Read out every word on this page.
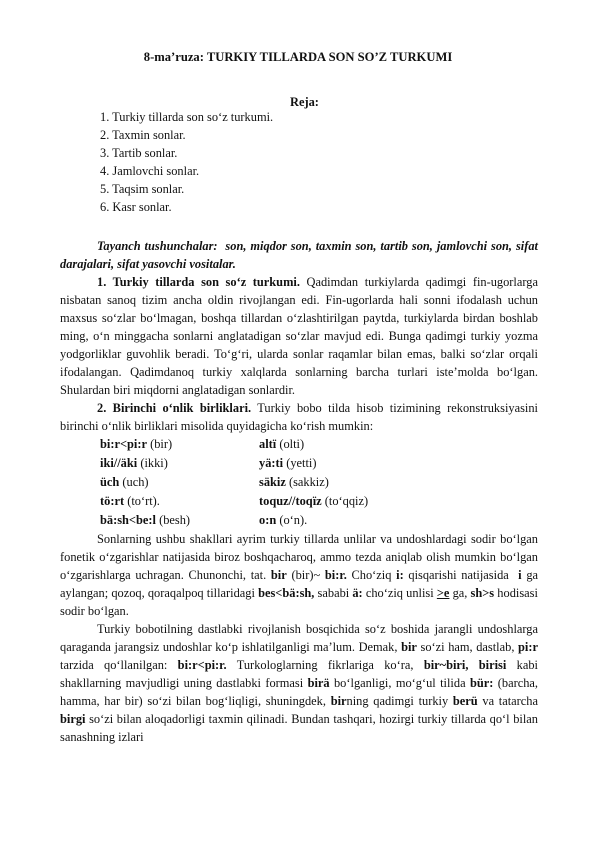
8-ma’ruza: TURKIY TILLARDA SON SO’Z TURKUMI
Reja:
1. Turkiy tillarda son so‘z turkumi.
2. Taxmin sonlar.
3. Tartib sonlar.
4. Jamlovchi sonlar.
5. Taqsim sonlar.
6. Kasr sonlar.

Tayanch tushunchalar: son, miqdor son, taxmin son, tartib son, jamlovchi son, sifat darajalari, sifat yasovchi vositalar.

1. Turkiy tillarda son so‘z turkumi. Qadimdan turkiylarda qadimgi fin-ugorlarga nisbatan sanoq tizim ancha oldin rivojlangan edi. Fin-ugorlarda hali sonni ifodalash uchun maxsus so‘zlar bo‘lmagan, boshqa tillardan o‘zlashtirilgan paytda, turkiylarda birdan boshlab ming, o‘n minggacha sonlarni anglatadigan so‘zlar mavjud edi. Bunga qadimgi turkiy yozma yodgorliklar guvohlik beradi. To‘g‘ri, ularda sonlar raqamlar bilan emas, balki so‘zlar orqali ifodalangan. Qadimdanoq turkiy xalqlarda sonlarning barcha turlari iste’molda bo‘lgan. Shulardan biri miqdorni anglatadigan sonlardir.

2. Birinchi o‘nlik birliklari. Turkiy bobo tilda hisob tizimining rekonstruksiyasini birinchi o‘nlik birliklari misolida quyidagicha ko‘rish mumkin:

bi:r<pi:r (bir)	altï (olti)
iki//äki (ikki)	yä:ti (yetti)
üch (uch)	säkiz (sakkiz)
tö:rt (to‘rt).	toquz//toqïz (to‘qqiz)
bä:sh<be:l (besh)	o:n (o‘n).

Sonlarning ushbu shakllari ayrim turkiy tillarda unlilar va undoshlardagi sodir bo‘lgan fonetik o‘zgarishlar natijasida biroz boshqacharoq, ammo tezda aniqlab olish mumkin bo‘lgan o‘zgarishlarga uchragan. Chunonchi, tat. bir (bir)~ bi:r. Cho‘ziq i: qisqarishi natijasida i ga aylangan; qozoq, qoraqalpoq tillaridagi bes<bä:sh, sababi ä: cho‘ziq unlisi >e ga, sh>s hodisasi sodir bo‘lgan.

Turkiy bobotilning dastlabki rivojlanish bosqichida so‘z boshida jarangli undoshlarga qaraganda jarangsiz undoshlar ko‘p ishlatilganligi ma’lum. Demak, bir so‘zi ham, dastlab, pi:r tarzida qo‘llanilgan: bi:r<pi:r. Turkologlarning fikrlariga ko‘ra, bir~biri, birisi kabi shakllarning mavjudligi uning dastlabki formasi birä bo‘lganligi, mo‘g‘ul tilida bür: (barcha, hamma, har bir) so‘zi bilan bog‘liqligi, shuningdek, birning qadimgi turkiy berü va tatarcha birgi so‘zi bilan aloqadorligi taxmin qilinadi. Bundan tashqari, hozirgi turkiy tillarda qo‘l bilan sanashning izlari
